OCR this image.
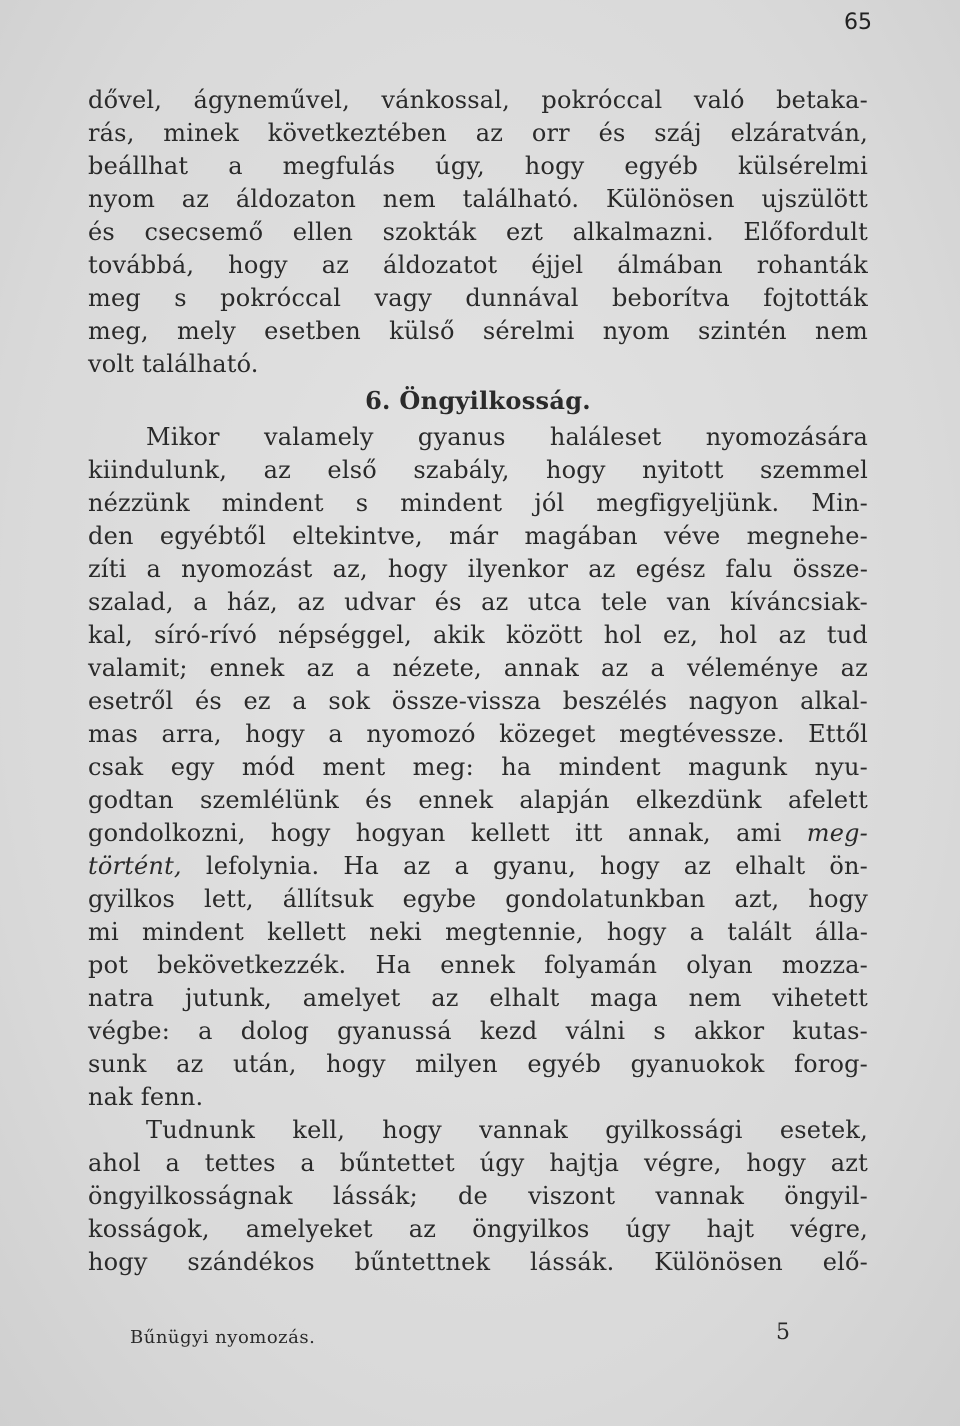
65
dővel, ágyneművel, vánkossal, pokróccal való betaka-
rás, minek következtében az orr és száj elzáratván,
beállhat a megfulás úgy, hogy egyéb külsérelmi
nyom az áldozaton nem található. Különösen ujszülött
és csecsemő ellen szokták ezt alkalmazni. Előfordult
továbbá, hogy az áldozatot éjjel álmában rohanták
meg s pokróccal vagy dunnával beborítva fojtották
meg, mely esetben külső sérelmi nyom szintén nem
volt található.
6. Öngyilkosság.
Mikor valamely gyanus haláleset nyomozására
kiindulunk, az első szabály, hogy nyitott szemmel
nézzünk mindent s mindent jól megfigyeljünk. Min-
den egyébtől eltekintve, már magában véve megnehe-
zíti a nyomozást az, hogy ilyenkor az egész falu össze-
szalad, a ház, az udvar és az utca tele van kíváncsiak-
kal, síró-rívó népséggel, akik között hol ez, hol az tud
valamit; ennek az a nézete, annak az a véleménye az
esetről és ez a sok össze-vissza beszélés nagyon alkal-
mas arra, hogy a nyomozó közeget megtévessze. Ettől
csak egy mód ment meg: ha mindent magunk nyu-
godtan szemlélünk és ennek alapján elkezdünk afelett
gondolkozni, hogy hogyan kellett itt annak, ami meg-
történt, lefolynia. Ha az a gyanu, hogy az elhalt ön-
gyilkos lett, állítsuk egybe gondolatunkban azt, hogy
mi mindent kellett neki megtennie, hogy a talált álla-
pot bekövetkezzék. Ha ennek folyamán olyan mozza-
natra jutunk, amelyet az elhalt maga nem vihetett
végbe: a dolog gyanussá kezd válni s akkor kutas-
sunk az után, hogy milyen egyéb gyanuokok forog-
nak fenn.
Tudnunk kell, hogy vannak gyilkossági esetek,
ahol a tettes a bűntettet úgy hajtja végre, hogy azt
öngyilkosságnak lássák; de viszont vannak öngyil-
kosságok, amelyeket az öngyilkos úgy hajt végre,
hogy szándékos bűntettnek lássák. Különösen elő-
Bűnügyi nyomozás.	5
